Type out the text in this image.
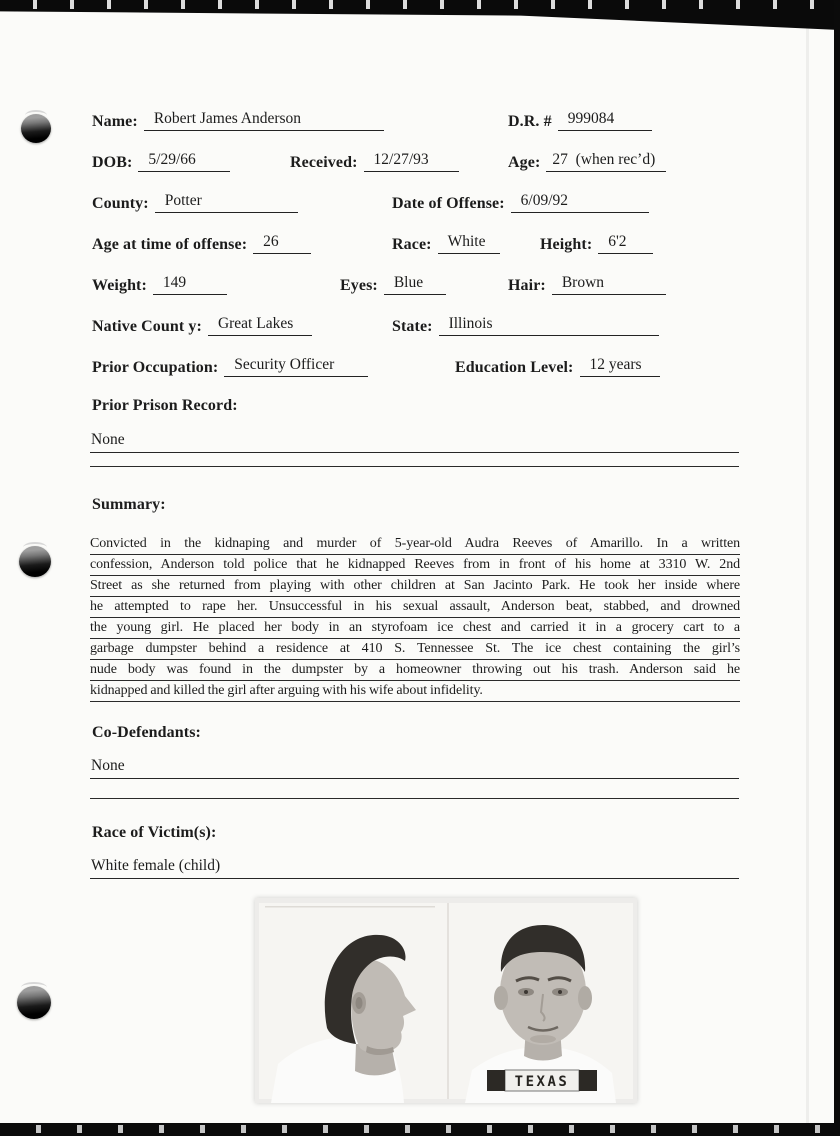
Name: Robert James Anderson	D.R. # 999084
DOB: 5/29/66	Received: 12/27/93	Age: 27  (when rec’d)
County: Potter	Date of Offense: 6/09/92
Age at time of offense: 26	Race: White	Height: 6'2
Weight: 149	Eyes: Blue	Hair: Brown
Native Count y: Great Lakes	State: Illinois
Prior Occupation: Security Officer	Education Level: 12 years
Prior Prison Record:
None
Summary:
Convicted in the kidnaping and murder of 5-year-old Audra Reeves of Amarillo. In a written
confession, Anderson told police that he kidnapped Reeves from in front of his home at 3310 W. 2nd
Street as she returned from playing with other children at San Jacinto Park. He took her inside where
he attempted to rape her. Unsuccessful in his sexual assault, Anderson beat, stabbed, and drowned
the young girl. He placed her body in an styrofoam ice chest and carried it in a grocery cart to a
garbage dumpster behind a residence at 410 S. Tennessee St. The ice chest containing the girl’s
nude body was found in the dumpster by a homeowner throwing out his trash. Anderson said he
kidnapped and killed the girl after arguing with his wife about infidelity.
Co-Defendants:
None
Race of Victim(s):
White female (child)
TEXAS
